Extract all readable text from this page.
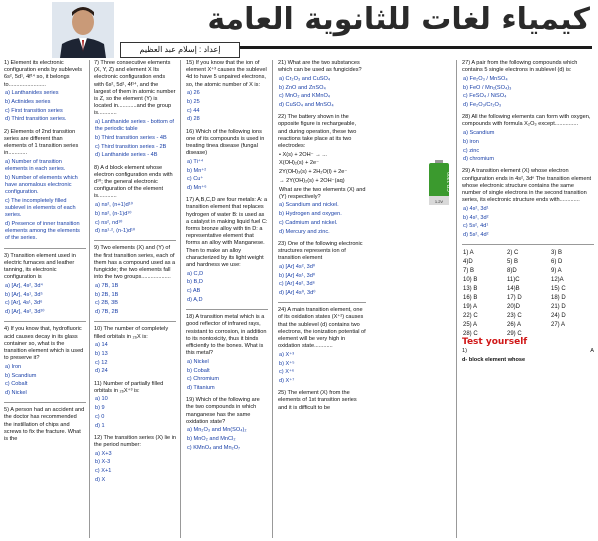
كيمياء لغات للثانوية العامة
إعداد : إسلام عبد العظيم

1) Element its electronic configuration ends by sublevels 6s², 5d¹, 4f¹⁴ so, it belongs to........................

a) Lanthanides series

b) Actinides series

c) First transition series

d) Third transition series.

2) Elements of 2nd transition series are different than elements of 1 transition series in............

a) Number of transition elements in each series.

b) Number of elements which have anomalous electronic configuration.

c) The incompletely filled sublevel in elements of each series.

d) Presence of inner transition elements among the elements of the series.

3) Transition element used in electric furnaces and leather tanning, its electronic configuration is

a) [Ar], 4s², 3d⁴

b) [Ar], 4s¹, 3d⁵

c) [Ar], 4s¹, 3d⁶

d) [Ar], 4s², 3d¹⁰

4) If you know that, hydrofluoric acid causes decay in its glass container so, what is the transition element which is used to preserve it?

a) Iron

b) Scandium

c) Cobalt

d) Nickel

5) A person had an accident and the doctor has recommended the instillation of chips and screws to fix the fracture. What is the

7) Three consecutive elements (X, Y, Z) and element X Its electronic configuration ends with 6s², 5d¹, 4f¹⁴, and the largest of them in atomic number is Z, so the element (Y) is located in............and the group is............

a) Lanthanide series - bottom of the periodic table

b) Third transition series - 4B

c) Third transition series - 2B

d) Lanthanide series - 4B

8) A d block element whose electron configuration ends with d¹⁰; the general electronic configuration of the element is............

a) ns², (n+1)d¹⁰

b) ns², (n-1)d¹⁰

c) ns², nd¹⁰

d) ns¹·², (n-1)d¹⁰

9) Two elements (X) and (Y) of the first transition series, each of them has a compound used as a fungicide; the two elements fall into the two groups...................

a) 7B, 1B

b) 2B, 1B

c) 2B, 3B

d) 7B, 2B

10) The number of completely filled orbitals in ₂₆X is:

a) 14

b) 13

c) 12

d) 24

11) Number of partially filled orbitals in ₂₆X⁺³ is:

a) 10

b) 9

c) 0

d) 1

12) The transition series (X) lie in the period number:

a) X+3

b) X-3

c) X+1

d) X

15) If you know that the ion of element X⁺³ causes the sublevel 4d to have 5 unpaired electrons, so, the atomic number of X is:

a) 26

b) 25

c) 44

d) 28

16) Which of the following ions one of its compounds is used in treating tinea disease (fungal disease)

a) Ti⁺⁴

b) Mn⁺²

c) Cu⁺

d) Mn⁺⁶

17) A,B,C,D are four metals: A: a transition element that replaces hydrogen of water B: is used as a catalyst in making liquid fuel C: forms bronze alloy with tin D: a representative element that forms an alloy with Manganese. Then to make an alloy characterized by its light weight and hardness we use:

a) C,D

b) B,D

c) AB

d) A,D

18) A transition metal which is a good reflector of infrared rays, resistant to corrosion, in addition to its nontoxicity, thus it binds efficiently to the bones. What is this metal?

a) Nickel

b) Cobalt

c) Chromium

d) Titanium

19) Which of the following are the two compounds in which manganese has the same oxidation state?

a) Mn₂O₃ and Mn(SO₄)₂

b) MnO₂ and MnCl₂

c) KMnO₄ and Mn₂O₇

21) What are the two substances which can be used as fungicides?

a) Cr₂O₃ and CuSO₄

b) ZnO and ZnSO₄

c) MnO₂ and KMnO₄

d) CuSO₄ and MnSO₄

22) The battery shown in the opposite figure is rechargeable, and during operation, these two reactions take place at its two electrodes:

• X(s) + 2OH⁻ → ...

X(OH)₂(s) + 2e⁻

2Y(OH)₃(s) + 2H₂O(l) + 2e⁻

→ 2Y(OH)₂(s) + 2OH⁻(aq)

What are the two elements (X) and (Y) respectively?

a) Scandium and nickel.

b) Hydrogen and oxygen.

c) Cadmium and nickel.

d) Mercury and zinc.

23) One of the following electronic structures represents ion of transition element

a) [Ar] 4s², 3d⁰

b) [Ar] 4s¹, 3d⁰

c) [Ar] 4s², 3d⁶

d) [Ar] 4s⁰, 3d⁰

24) A main transition element, one of its oxidation states (X⁺²) causes that the sublevel (d) contains two electrons, the ionization potential of element will be very high in oxidation state............

a) X⁺³

b) X⁺⁵

c) X⁺⁶

d) X⁺⁷

25) The element (X) from the elements of 1st transition series and it is difficult to be

GP 1300
1.2V

27) A pair from the following compounds which contains 5 single electrons in sublevel (d) is:

a) Fe₂O₃ / MnSO₄

b) FeO / Mn₂(SO₄)₃

c) FeSO₄ / NiSO₄

d) Fe₂O₃/Cr₂O₃

28) All the following elements can form with oxygen, compounds with formula X₂O₃ except...............

a) Scandium

b) iron

c) zinc

d) chromium

29) A transition element (X) whose electron configuration ends in 4s², 3dⁿ The transition element whose electronic structure contains the same number of single electrons in the second transition series, its electronic structure ends with.............

a) 4s², 3d¹

b) 4s², 3d²

c) 5s², 4d¹

d) 5s², 4d²

1) A	2) C	3) B
4)D	5) B	6) D
7) B	8)D	9) A
10) B	11)C	12)A
13) B	14)B	15) C
16) B	17) D	18) D
19) A	20)D	21) D
22) C	23) C	24) D
25) A	26) A	27) A
28) C	29) C	
Test yourself

1)	A

d- block element whose
